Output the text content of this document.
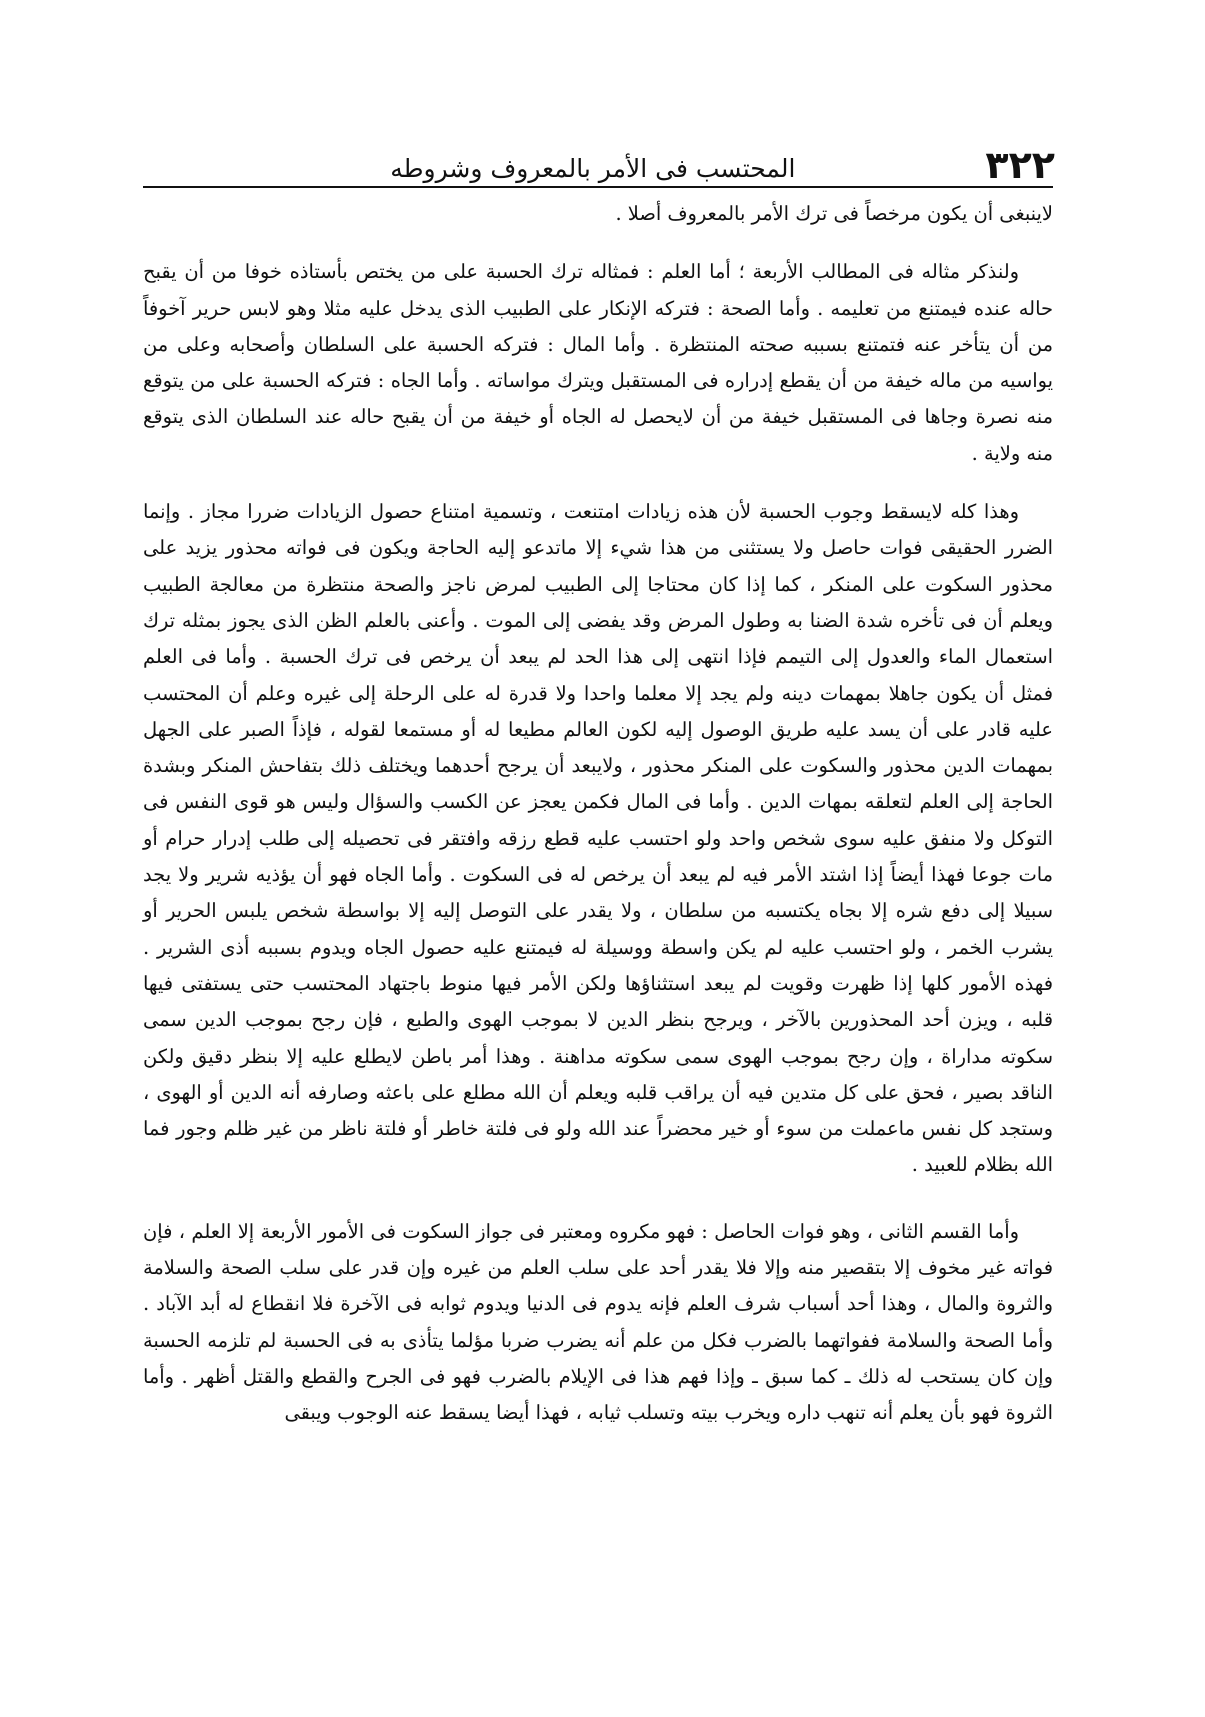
٣٢٢
المحتسب فى الأمر بالمعروف وشروطه

لاينبغى أن يكون مرخصاً فى ترك الأمر بالمعروف أصلا .

ولنذكر مثاله فى المطالب الأربعة ؛ أما العلم : فمثاله ترك الحسبة على من يختص بأستاذه خوفا من أن يقبح حاله عنده فيمتنع من تعليمه . وأما الصحة : فتركه الإنكار على الطبيب الذى يدخل عليه مثلا وهو لابس حرير آخوفاً من أن يتأخر عنه فتمتنع بسببه صحته المنتظرة . وأما المال : فتركه الحسبة على السلطان وأصحابه وعلى من يواسيه من ماله خيفة من أن يقطع إدراره فى المستقبل ويترك مواساته . وأما الجاه : فتركه الحسبة على من يتوقع منه نصرة وجاها فى المستقبل خيفة من أن لايحصل له الجاه أو خيفة من أن يقبح حاله عند السلطان الذى يتوقع منه ولاية .

وهذا كله لايسقط وجوب الحسبة لأن هذه زيادات امتنعت ، وتسمية امتناع حصول الزيادات ضررا مجاز . وإنما الضرر الحقيقى فوات حاصل ولا يستثنى من هذا شيء إلا ماتدعو إليه الحاجة ويكون فى فواته محذور يزيد على محذور السكوت على المنكر ، كما إذا كان محتاجا إلى الطبيب لمرض ناجز والصحة منتظرة من معالجة الطبيب ويعلم أن فى تأخره شدة الضنا به وطول المرض وقد يفضى إلى الموت . وأعنى بالعلم الظن الذى يجوز بمثله ترك استعمال الماء والعدول إلى التيمم فإذا انتهى إلى هذا الحد لم يبعد أن يرخص فى ترك الحسبة . وأما فى العلم فمثل أن يكون جاهلا بمهمات دينه ولم يجد إلا معلما واحدا ولا قدرة له على الرحلة إلى غيره وعلم أن المحتسب عليه قادر على أن يسد عليه طريق الوصول إليه لكون العالم مطيعا له أو مستمعا لقوله ، فإذاً الصبر على الجهل بمهمات الدين محذور والسكوت على المنكر محذور ، ولايبعد أن يرجح أحدهما ويختلف ذلك بتفاحش المنكر وبشدة الحاجة إلى العلم لتعلقه بمهات الدين . وأما فى المال فكمن يعجز عن الكسب والسؤال وليس هو قوى النفس فى التوكل ولا منفق عليه سوى شخص واحد ولو احتسب عليه قطع رزقه وافتقر فى تحصيله إلى طلب إدرار حرام أو مات جوعا فهذا أيضاً إذا اشتد الأمر فيه لم يبعد أن يرخص له فى السكوت . وأما الجاه فهو أن يؤذيه شرير ولا يجد سبيلا إلى دفع شره إلا بجاه يكتسبه من سلطان ، ولا يقدر على التوصل إليه إلا بواسطة شخص يلبس الحرير أو يشرب الخمر ، ولو احتسب عليه لم يكن واسطة ووسيلة له فيمتنع عليه حصول الجاه ويدوم بسببه أذى الشرير . فهذه الأمور كلها إذا ظهرت وقويت لم يبعد استثناؤها ولكن الأمر فيها منوط باجتهاد المحتسب حتى يستفتى فيها قلبه ، ويزن أحد المحذورين بالآخر ، ويرجح بنظر الدين لا بموجب الهوى والطبع ، فإن رجح بموجب الدين سمى سكوته مداراة ، وإن رجح بموجب الهوى سمى سكوته مداهنة . وهذا أمر باطن لايطلع عليه إلا بنظر دقيق ولكن الناقد بصير ، فحق على كل متدين فيه أن يراقب قلبه ويعلم أن الله مطلع على باعثه وصارفه أنه الدين أو الهوى ، وستجد كل نفس ماعملت من سوء أو خير محضراً عند الله ولو فى فلتة خاطر أو فلتة ناظر من غير ظلم وجور فما الله بظلام للعبيد .

وأما القسم الثانى ، وهو فوات الحاصل : فهو مكروه ومعتبر فى جواز السكوت فى الأمور الأربعة إلا العلم ، فإن فواته غير مخوف إلا بتقصير منه وإلا فلا يقدر أحد على سلب العلم من غيره وإن قدر على سلب الصحة والسلامة والثروة والمال ، وهذا أحد أسباب شرف العلم فإنه يدوم فى الدنيا ويدوم ثوابه فى الآخرة فلا انقطاع له أبد الآباد . وأما الصحة والسلامة ففواتهما بالضرب فكل من علم أنه يضرب ضربا مؤلما يتأذى به فى الحسبة لم تلزمه الحسبة وإن كان يستحب له ذلك ـ كما سبق ـ وإذا فهم هذا فى الإيلام بالضرب فهو فى الجرح والقطع والقتل أظهر . وأما الثروة فهو بأن يعلم أنه تنهب داره ويخرب بيته وتسلب ثيابه ، فهذا أيضا يسقط عنه الوجوب ويبقى
